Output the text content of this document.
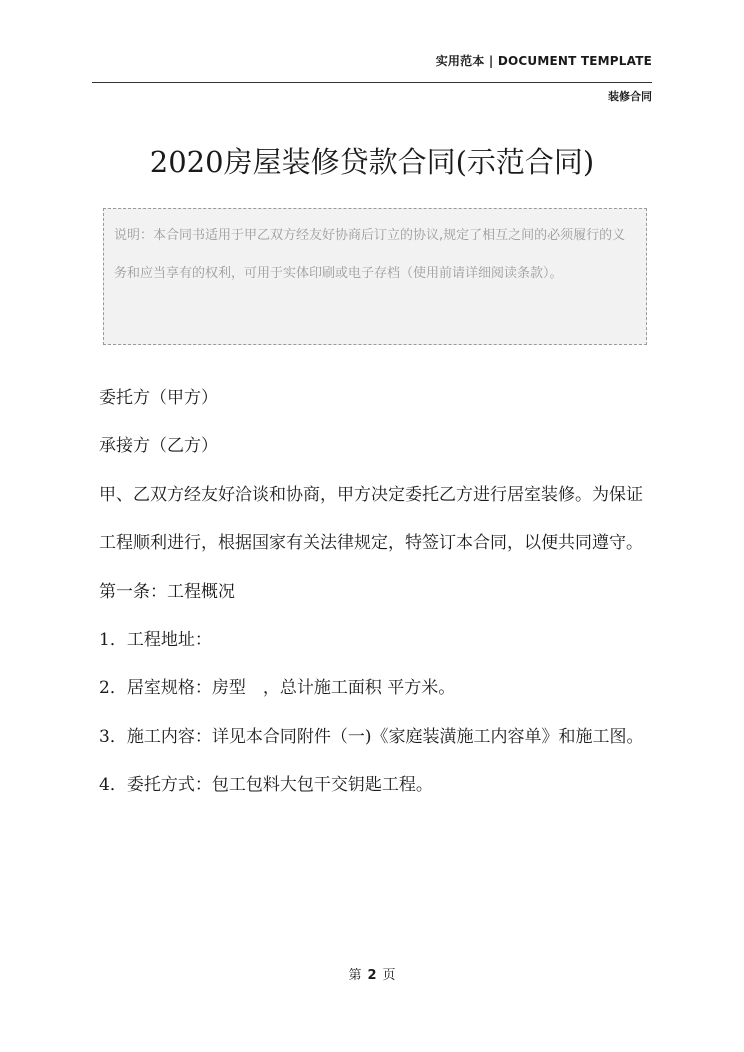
实用范本 | DOCUMENT TEMPLATE
装修合同
2020房屋装修贷款合同(示范合同)
说明：本合同书适用于甲乙双方经友好协商后订立的协议,规定了相互之间的必须履行的义务和应当享有的权利，可用于实体印刷或电子存档（使用前请详细阅读条款）。

委托方（甲方）

承接方（乙方）

甲、乙双方经友好洽谈和协商，甲方决定委托乙方进行居室装修。为保证工程顺利进行，根据国家有关法律规定，特签订本合同，以便共同遵守。

第一条：工程概况

1．工程地址：

2．居室规格：房型　，总计施工面积 平方米。

3．施工内容：详见本合同附件（一)《家庭装潢施工内容单》和施工图。

4．委托方式：包工包料大包干交钥匙工程。

第 2 页
